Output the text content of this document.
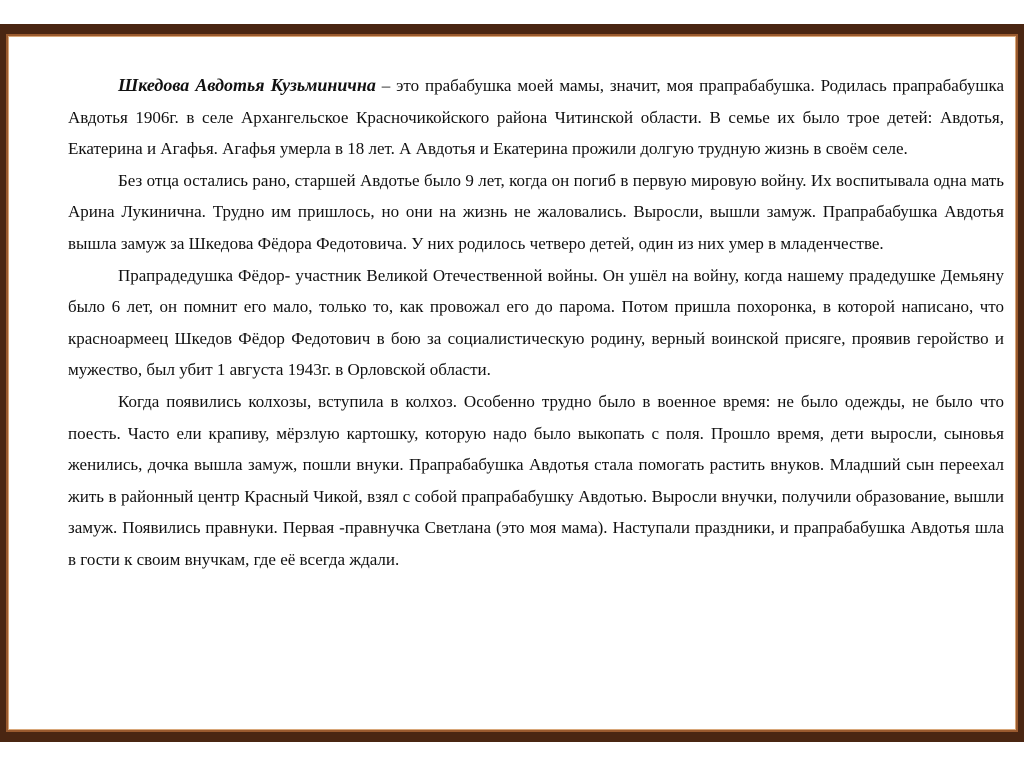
Шкедова Авдотья Кузьминична – это прабабушка моей мамы, значит, моя прапрабабушка. Родилась прапрабабушка Авдотья 1906г. в селе Архангельское Красночикойского района Читинской области. В семье их было трое детей: Авдотья, Екатерина и Агафья. Агафья умерла в 18 лет. А Авдотья и Екатерина прожили долгую трудную жизнь в своём селе.

Без отца остались рано, старшей Авдотье было 9 лет, когда он погиб в первую мировую войну. Их воспитывала одна мать Арина Лукинична. Трудно им пришлось, но они на жизнь не жаловались. Выросли, вышли замуж. Прапрабабушка Авдотья вышла замуж за Шкедова Фёдора Федотовича. У них родилось четверо детей, один из них умер в младенчестве.

Прапрадедушка Фёдор- участник Великой Отечественной войны. Он ушёл на войну, когда нашему прадедушке Демьяну было 6 лет, он помнит его мало, только то, как провожал его до парома. Потом пришла похоронка, в которой написано, что красноармеец Шкедов Фёдор Федотович в бою за социалистическую родину, верный воинской присяге, проявив геройство и мужество, был убит 1 августа 1943г. в Орловской области.

Когда появились колхозы, вступила в колхоз. Особенно трудно было в военное время: не было одежды, не было что поесть. Часто ели крапиву, мёрзлую картошку, которую надо было выкопать с поля. Прошло время, дети выросли, сыновья женились, дочка вышла замуж, пошли внуки. Прапрабабушка Авдотья стала помогать растить внуков. Младший сын переехал жить в районный центр Красный Чикой, взял с собой прапрабабушку Авдотью. Выросли внучки, получили образование, вышли замуж. Появились правнуки. Первая -правнучка Светлана (это моя мама). Наступали праздники, и прапрабабушка Авдотья шла в гости к своим внучкам, где её всегда ждали.
